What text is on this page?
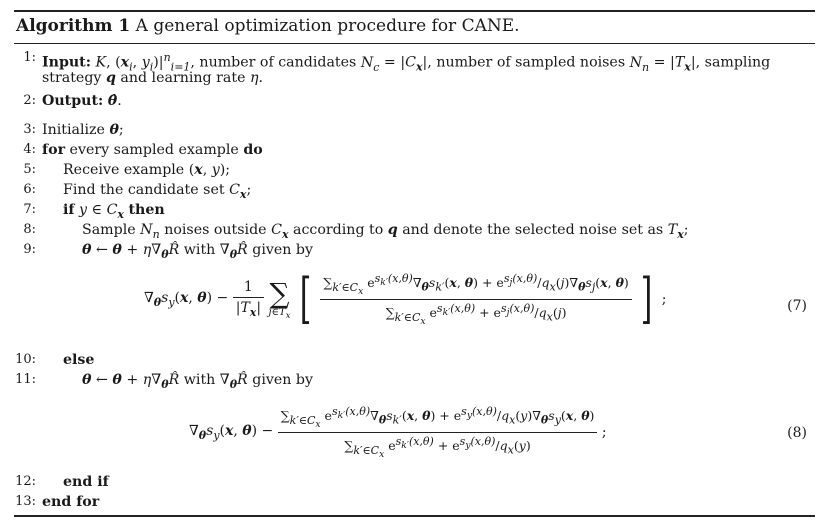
Algorithm 1 A general optimization procedure for CANE.
1: Input: K, ($x_i$, $y_i)|^n_{i=1}$, number of candidates $N_c = |C_x|$, number of sampled noises $N_n = |T_x|$, sampling
strategy q and learning rate η.
2: Output: θ̂.
3: Initialize θ;
4: for every sampled example do
5: Receive example (x, y);
6: Find the candidate set $C_x$;
7: if y ∈ $C_x$ then
8:	Sample $N_n$ noises outside $C_x$ according to q and denote the selected noise set as $T_x$;
9:	θ ← $\theta + \eta\nabla_\theta R̂$ with $\nabla_\theta R̂$ given by
$\nabla_\theta s_y(x$, $\theta) - \frac{1}{|T_x|}$
∑
$j\in T_x$ [ $\frac{\sum_{k'\in C_x} e^{s_{k'}(x,\theta)}\nabla_\theta s_{k'}(x, \theta) + e^{s_j(x,\theta)}/q_x(j)\nabla_\theta s_j(x, \theta)}{\sum_{k'\in C_x} e^{s_{k'}(x,\theta)} + e^{s_j(x,\theta)}/q_x(j)}$ ] ;	(7)
10: else
11:	θ ← $\theta + \eta\nabla_\theta R̂$ with $\nabla_\theta R̂$ given by
$\nabla_\theta s_y(x$, $\theta) - \frac{\sum_{k'\in C_x} e^{s_{k'}(x,\theta)}\nabla_\theta s_{k'}(x, \theta) + e^{s_y(x,\theta)}/q_x(y)\nabla_\theta s_y(x, \theta)}{\sum_{k'\in C_x} e^{s_{k'}(x,\theta)} + e^{s_y(x,\theta)}/q_x(y)}$ ;	(8)
12: end if
13: end for
